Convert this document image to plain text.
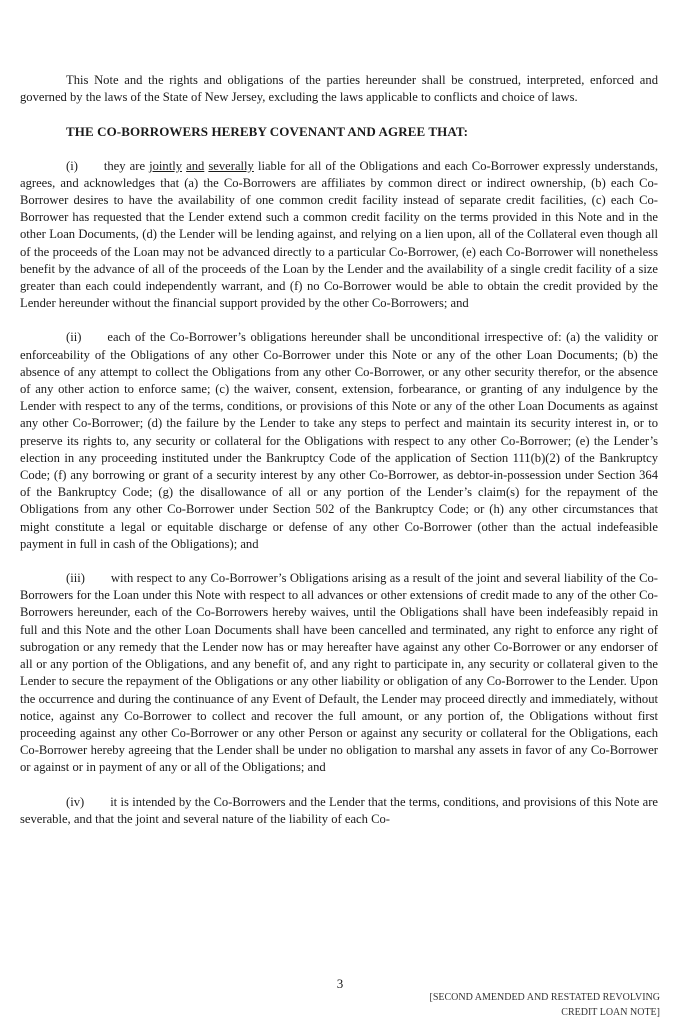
This Note and the rights and obligations of the parties hereunder shall be construed, interpreted, enforced and governed by the laws of the State of New Jersey, excluding the laws applicable to conflicts and choice of laws.

THE CO-BORROWERS HEREBY COVENANT AND AGREE THAT:

(i) they are jointly and severally liable for all of the Obligations and each Co-Borrower expressly understands, agrees, and acknowledges that (a) the Co-Borrowers are affiliates by common direct or indirect ownership, (b) each Co-Borrower desires to have the availability of one common credit facility instead of separate credit facilities, (c) each Co-Borrower has requested that the Lender extend such a common credit facility on the terms provided in this Note and in the other Loan Documents, (d) the Lender will be lending against, and relying on a lien upon, all of the Collateral even though all of the proceeds of the Loan may not be advanced directly to a particular Co-Borrower, (e) each Co-Borrower will nonetheless benefit by the advance of all of the proceeds of the Loan by the Lender and the availability of a single credit facility of a size greater than each could independently warrant, and (f) no Co-Borrower would be able to obtain the credit provided by the Lender hereunder without the financial support provided by the other Co-Borrowers; and

(ii) each of the Co-Borrower’s obligations hereunder shall be unconditional irrespective of: (a) the validity or enforceability of the Obligations of any other Co-Borrower under this Note or any of the other Loan Documents; (b) the absence of any attempt to collect the Obligations from any other Co-Borrower, or any other security therefor, or the absence of any other action to enforce same; (c) the waiver, consent, extension, forbearance, or granting of any indulgence by the Lender with respect to any of the terms, conditions, or provisions of this Note or any of the other Loan Documents as against any other Co-Borrower; (d) the failure by the Lender to take any steps to perfect and maintain its security interest in, or to preserve its rights to, any security or collateral for the Obligations with respect to any other Co-Borrower; (e) the Lender’s election in any proceeding instituted under the Bankruptcy Code of the application of Section 111(b)(2) of the Bankruptcy Code; (f) any borrowing or grant of a security interest by any other Co-Borrower, as debtor-in-possession under Section 364 of the Bankruptcy Code; (g) the disallowance of all or any portion of the Lender’s claim(s) for the repayment of the Obligations from any other Co-Borrower under Section 502 of the Bankruptcy Code; or (h) any other circumstances that might constitute a legal or equitable discharge or defense of any other Co-Borrower (other than the actual indefeasible payment in full in cash of the Obligations); and

(iii) with respect to any Co-Borrower’s Obligations arising as a result of the joint and several liability of the Co-Borrowers for the Loan under this Note with respect to all advances or other extensions of credit made to any of the other Co-Borrowers hereunder, each of the Co-Borrowers hereby waives, until the Obligations shall have been indefeasibly repaid in full and this Note and the other Loan Documents shall have been cancelled and terminated, any right to enforce any right of subrogation or any remedy that the Lender now has or may hereafter have against any other Co-Borrower or any endorser of all or any portion of the Obligations, and any benefit of, and any right to participate in, any security or collateral given to the Lender to secure the repayment of the Obligations or any other liability or obligation of any Co-Borrower to the Lender. Upon the occurrence and during the continuance of any Event of Default, the Lender may proceed directly and immediately, without notice, against any Co-Borrower to collect and recover the full amount, or any portion of, the Obligations without first proceeding against any other Co-Borrower or any other Person or against any security or collateral for the Obligations, each Co-Borrower hereby agreeing that the Lender shall be under no obligation to marshal any assets in favor of any Co-Borrower or against or in payment of any or all of the Obligations; and

(iv) it is intended by the Co-Borrowers and the Lender that the terms, conditions, and provisions of this Note are severable, and that the joint and several nature of the liability of each Co-

3
[SECOND AMENDED AND RESTATED REVOLVING
CREDIT LOAN NOTE]
